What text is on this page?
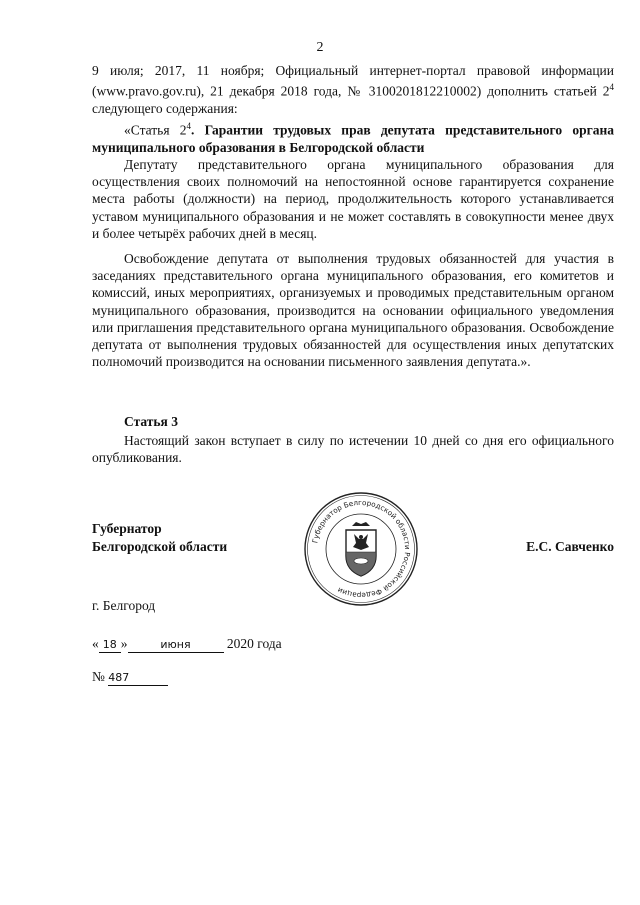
2

9 июля; 2017, 11 ноября; Официальный интернет-портал правовой информации (www.pravo.gov.ru), 21 декабря 2018 года, № 3100201812210002) дополнить статьей $2^4$ следующего содержания:

«Статья $2^4$. Гарантии трудовых прав депутата представительного органа муниципального образования в Белгородской области

Депутату представительного органа муниципального образования для осуществления своих полномочий на непостоянной основе гарантируется сохранение места работы (должности) на период, продолжительность которого устанавливается уставом муниципального образования и не может составлять в совокупности менее двух и более четырёх рабочих дней в месяц.

Освобождение депутата от выполнения трудовых обязанностей для участия в заседаниях представительного органа муниципального образования, его комитетов и комиссий, иных мероприятиях, организуемых и проводимых представительным органом муниципального образования, производится на основании официального уведомления или приглашения представительного органа муниципального образования. Освобождение депутата от выполнения трудовых обязанностей для осуществления иных депутатских полномочий производится на основании письменного заявления депутата.».

Статья 3

Настоящий закон вступает в силу по истечении 10 дней со дня его официального опубликования.

Губернатор
Белгородской области	Губернатор Белгородской области Российской Федерации
Е.С. Савченко
г. Белгород
« 18 »	июня	2020 года
№ 487
